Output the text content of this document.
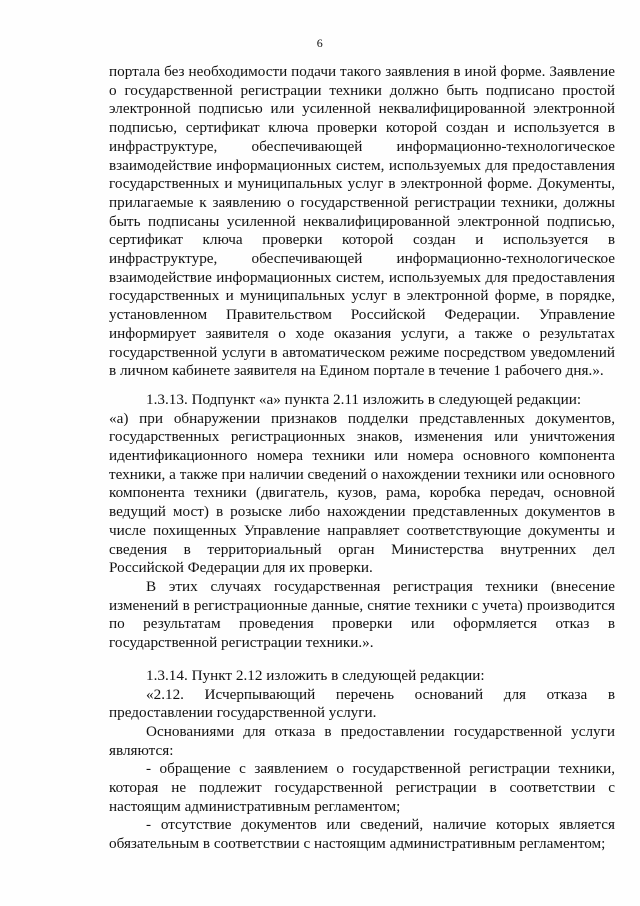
6

портала без необходимости подачи такого заявления в иной форме. Заявление о государственной регистрации техники должно быть подписано простой электронной подписью или усиленной неквалифицированной электронной подписью, сертификат ключа проверки которой создан и используется в инфраструктуре, обеспечивающей информационно-технологическое взаимодействие информационных систем, используемых для предоставления государственных и муниципальных услуг в электронной форме. Документы, прилагаемые к заявлению о государственной регистрации техники, должны быть подписаны усиленной неквалифицированной электронной подписью, сертификат ключа проверки которой создан и используется в инфраструктуре, обеспечивающей информационно-технологическое взаимодействие информационных систем, используемых для предоставления государственных и муниципальных услуг в электронной форме, в порядке, установленном Правительством Российской Федерации. Управление информирует заявителя о ходе оказания услуги, а также о результатах государственной услуги в автоматическом режиме посредством уведомлений в личном кабинете заявителя на Едином портале в течение 1 рабочего дня.».

1.3.13. Подпункт «а» пункта 2.11 изложить в следующей редакции:

«а) при обнаружении признаков подделки представленных документов, государственных регистрационных знаков, изменения или уничтожения идентификационного номера техники или номера основного компонента техники, а также при наличии сведений о нахождении техники или основного компонента техники (двигатель, кузов, рама, коробка передач, основной ведущий мост) в розыске либо нахождении представленных документов в числе похищенных Управление направляет соответствующие документы и сведения в территориальный орган Министерства внутренних дел Российской Федерации для их проверки.

В этих случаях государственная регистрация техники (внесение изменений в регистрационные данные, снятие техники с учета) производится по результатам проведения проверки или оформляется отказ в государственной регистрации техники.».

1.3.14. Пункт 2.12 изложить в следующей редакции:

«2.12. Исчерпывающий перечень оснований для отказа в предоставлении государственной услуги.

Основаниями для отказа в предоставлении государственной услуги являются:

- обращение с заявлением о государственной регистрации техники, которая не подлежит государственной регистрации в соответствии с настоящим административным регламентом;

- отсутствие документов или сведений, наличие которых является обязательным в соответствии с настоящим административным регламентом;
